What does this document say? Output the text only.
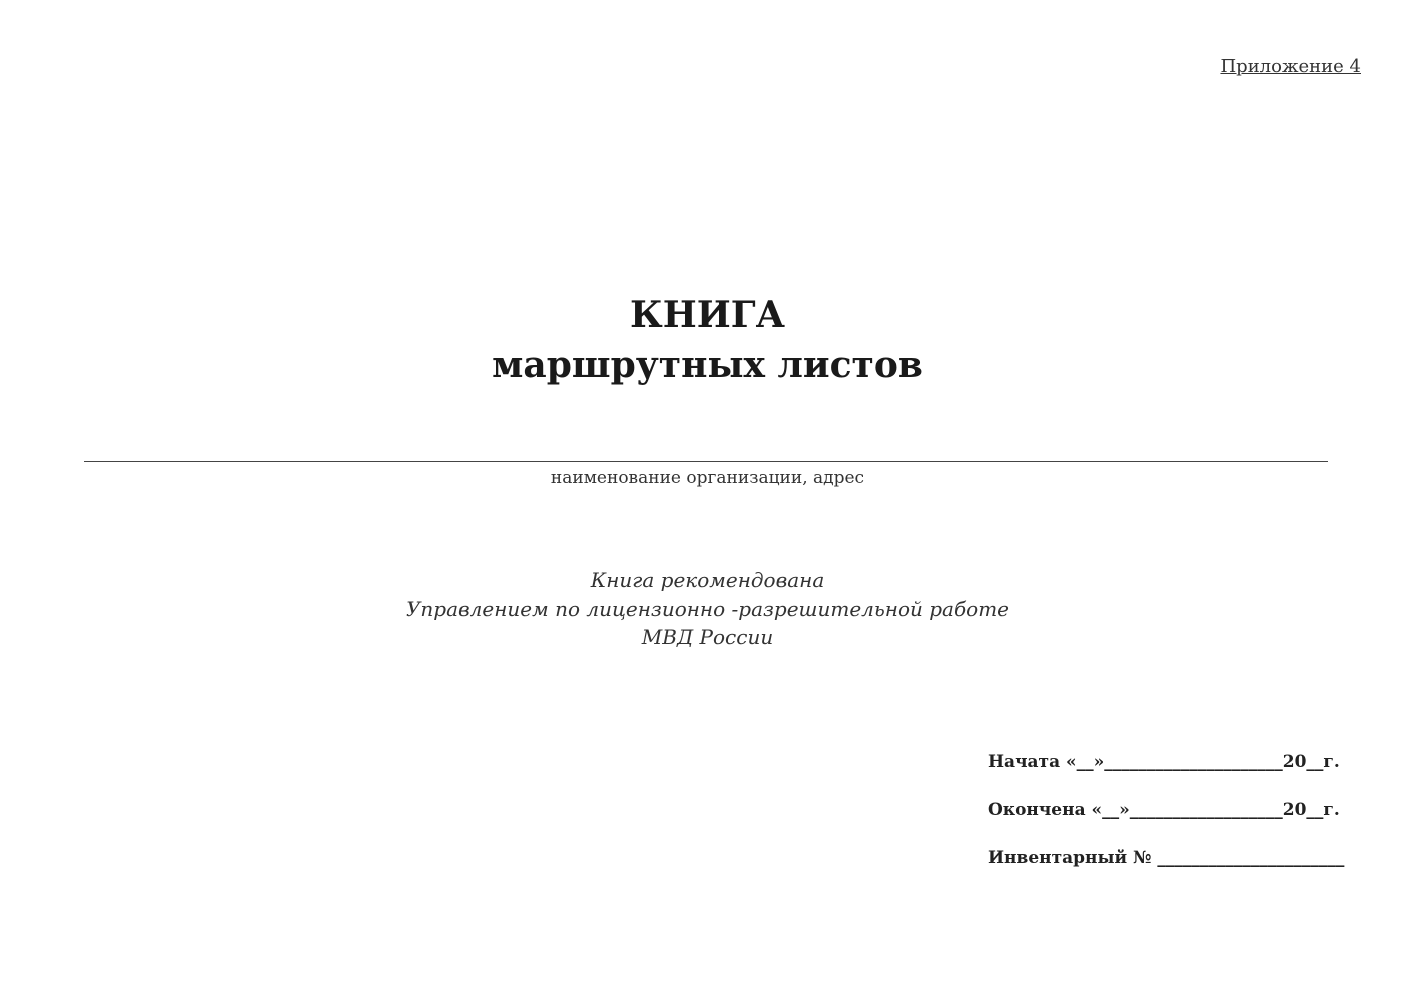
Приложение 4
КНИГА
маршрутных листов
наименование организации, адрес
Книга рекомендована
Управлением по лицензионно -разрешительной работе
МВД России
Начата «__»_____________________20__г.
Окончена «__»__________________20__г.
Инвентарный № ______________________
